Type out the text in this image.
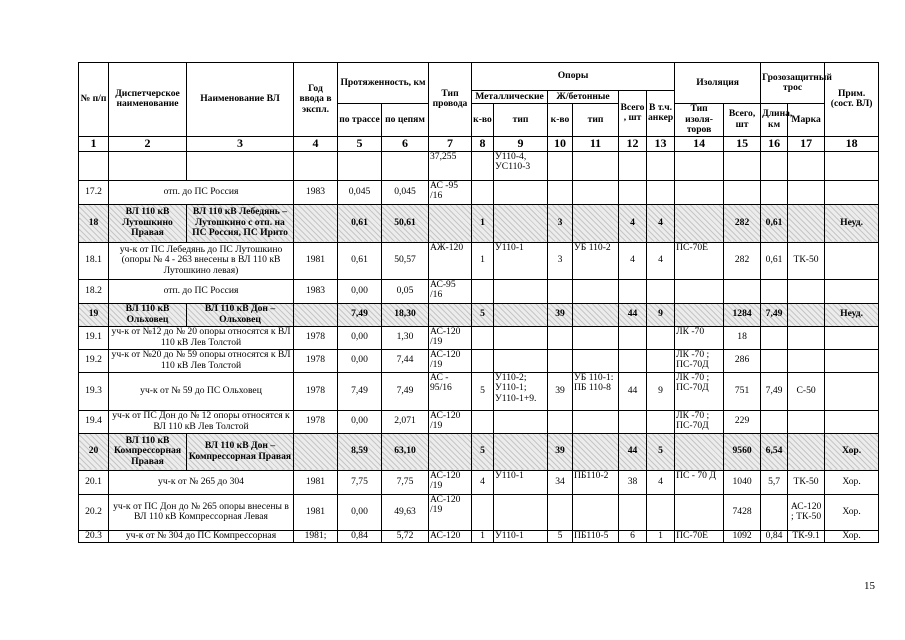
№ п/п	Диспетчерское наименование	Наименование ВЛ	Год ввода в экспл.	Протяженность, км		Тип провода	Опоры						Изоляция		Грозозащитный трос		Прим. (сост. ВЛ)
							Металлические		Ж/бетонные		Всего , шт	В т.ч. анкер					
				по трассе	по цепям		к-во	тип	к-во	тип			Тип изоля-торов	Всего, шт	Длина, км	Марка	
1	2	3	4	5	6	7	8	9	10	11	12	13	14	15	16	17	18
						37,255		У110-4, УС110-3									
17.2	отп. до ПС Россия		1983	0,045	0,045	АС -95 /16											
18	ВЛ 110 кВ Лутошкино Правая	ВЛ 110 кВ Лебедянь – Лутошкино с отп. на ПС Россия, ПС Ирито		0,61	50,61		1		3		4	4		282	0,61		Неуд.
18.1	уч-к от ПС Лебедянь до ПС Лутошкино (опоры № 4 - 263 внесены в ВЛ 110 кВ Лутошкино левая)		1981	0,61	50,57	АЖ-120	1	У110-1	3	УБ 110-2	4	4	ПС-70Е	282	0,61	ТК-50	
18.2	отп. до ПС Россия		1983	0,00	0,05	АС-95 /16											
19	ВЛ 110 кВ Ольховец	ВЛ 110 кВ Дон – Ольховец		7,49	18,30		5		39		44	9		1284	7,49		Неуд.
19.1	уч-к от №12 до № 20 опоры относятся к ВЛ 110 кВ Лев Толстой		1978	0,00	1,30	АС-120 /19							ЛК -70	18			
19.2	уч-к от №20 до № 59 опоры относятся к ВЛ 110 кВ Лев Толстой		1978	0,00	7,44	АС-120 /19							ЛК -70 ; ПС-70Д	286			
19.3	уч-к от № 59 до ПС Ольховец		1978	7,49	7,49	АС - 95/16	5	У110-2; У110-1; У110-1+9.	39	УБ 110-1: ПБ 110-8	44	9	ЛК -70 ; ПС-70Д	751	7,49	С-50	
19.4	уч-к от ПС Дон до № 12 опоры относятся к ВЛ 110 кВ Лев Толстой		1978	0,00	2,071	АС-120 /19							ЛК -70 ; ПС-70Д	229			
20	ВЛ 110 кВ Компрессорная Правая	ВЛ 110 кВ Дон – Компрессорная Правая		8,59	63,10		5		39		44	5		9560	6,54		Хор.
20.1	уч-к от № 265 до 304		1981	7,75	7,75	АС-120 /19	4	У110-1	34	ПБ110-2	38	4	ПС - 70 Д	1040	5,7	ТК-50	Хор.
20.2	уч-к от ПС Дон до № 265 опоры внесены в ВЛ 110 кВ Компрессорная Левая		1981	0,00	49,63	АС-120 /19								7428		АС-120 ; ТК-50	Хор.
20.3	уч-к от № 304 до ПС Компрессорная		1981;	0,84	5,72	АС-120	1	У110-1	5	ПБ110-5	6	1	ПС-70Е	1092	0,84	ТК-9.1	Хор.
15
